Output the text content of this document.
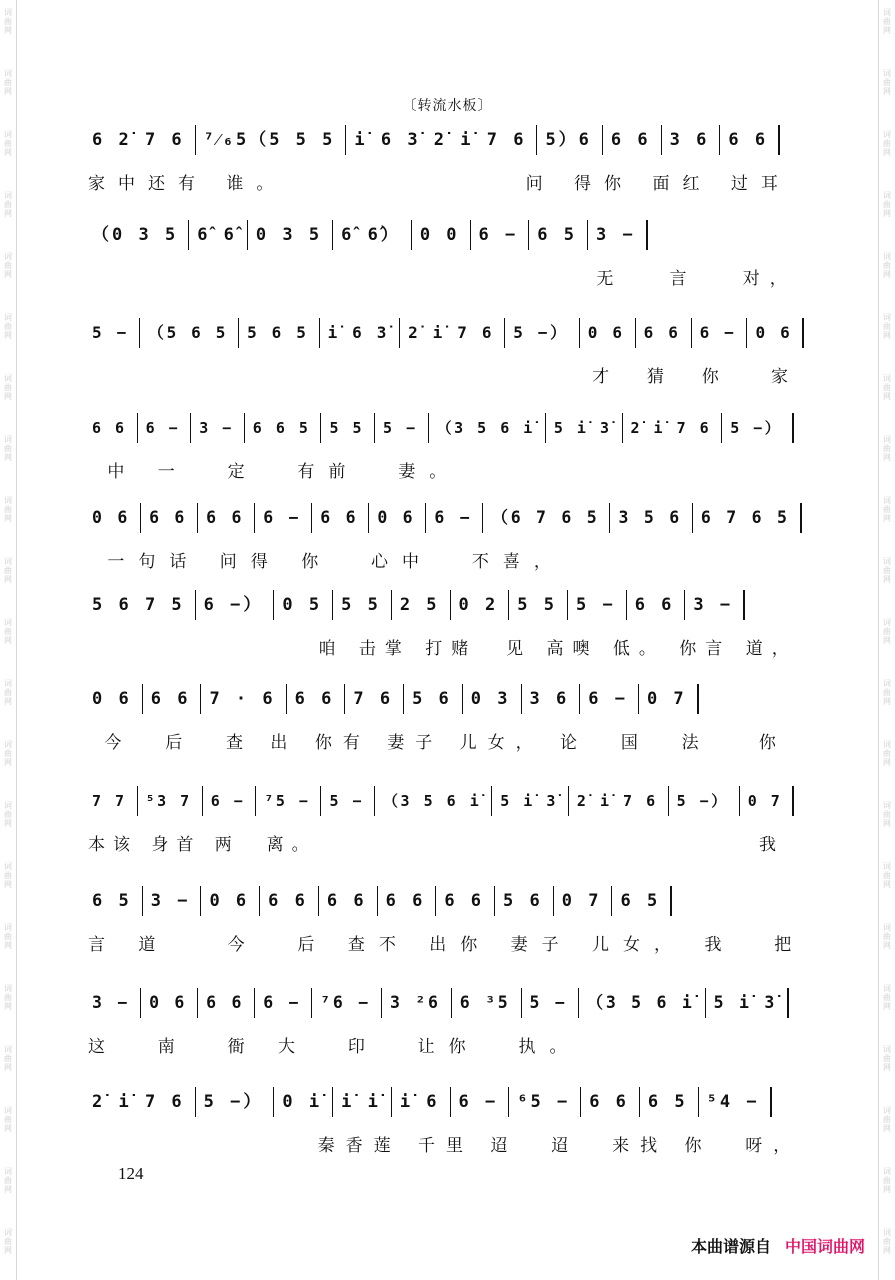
词
曲
网
词
曲
网
词
曲
网
词
曲
网
词
曲
网
词
曲
网
词
曲
网
词
曲
网
词
曲
网
词
曲
网
词
曲
网
词
曲
网
词
曲
网
词
曲
网
词
曲
网
词
曲
网
词
曲
网
词
曲
网
词
曲
网
词
曲
网
词
曲
网
词
曲
网
词
曲
网
词
曲
网
词
曲
网
词
曲
网
词
曲
网
词
曲
网
词
曲
网
词
曲
网
词
曲
网
词
曲
网
词
曲
网
词
曲
网
词
曲
网
词
曲
网
词
曲
网
词
曲
网
词
曲
网
词
曲
网
词
曲
网
词
曲
网
〔转流水板〕
6 2̇ 7 6	⁷⁄₆5（5 5 5	i̇ 6 3̇ 2̇ i̇ 7 6	5）6	6 6	3 6	6 6
家中还有 谁。             问 得你 面红 过耳
（0 3 5	6̂ 6̂	0 3 5	6̂ 6̂）	0 0	6 −	6 5	3 −
无   言   对，
5 −	（5 6 5	5 6 5	i̇ 6 3̇	2̇ i̇ 7 6	5 −）	0 6	6 6	6 −	0 6
才  猜  你   家
6 6	6 −	3 −	6 6 5	5 5	5 −	（3 5 6 i̇	5 i̇ 3̇	2̇ i̇ 7 6	5 −）
中 一  定  有前  妻。
0 6	6 6	6 6	6 −	6 6	0 6	6 −	（6 7 6 5	3 5 6	6 7 6 5
一句话 问得 你  心中  不喜，
5 6 7 5	6 −）	0 5	5 5	2 5	0 2	5 5	5 −	6 6	3 −
咱 击掌 打赌  见 高噢 低。 你言 道，
0 6	6 6	7 · 6	6 6	7 6	5 6	0 3	3 6	6 −	0 7
今  后  查 出 你有 妻子 儿女， 论  国  法   你
7 7	⁵3 7	6 −	⁷5 −	5 −	（3 5 6 i̇	5 i̇ 3̇	2̇ i̇ 7 6	5 −）	0 7
本该 身首 两  离。                                 我
6 5	3 −	0 6	6 6	6 6	6 6	6 6	5 6	0 7	6 5
言 道   今  后 查不 出你 妻子 儿女， 我  把
3 −	0 6	6 6	6 −	⁷6 −	3 ²6	6 ³5	5 −	（3 5 6 i̇	5 i̇ 3̇
这  南  衙 大  印  让你  执。
2̇ i̇ 7 6	5 −）	0 i̇	i̇ i̇	i̇ 6	6 −	⁶5 −	6 6	6 5	⁵4 −
秦香莲 千里 迢  迢  来找 你  呀，
124
本曲谱源自 中国词曲网
